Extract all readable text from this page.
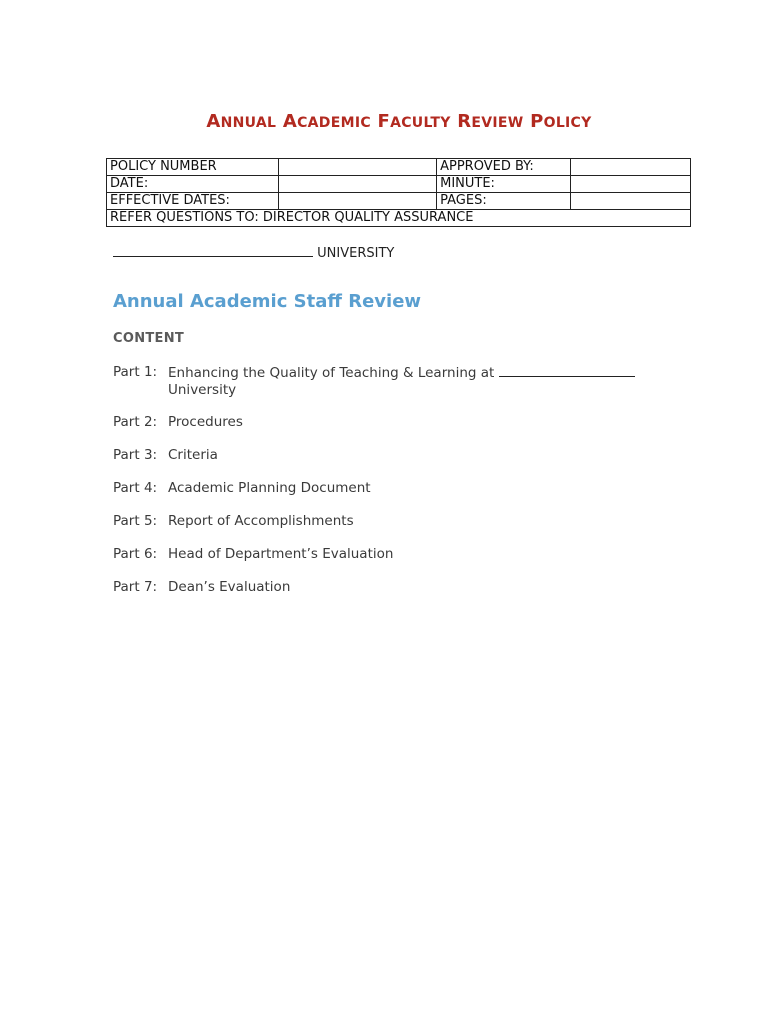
ANNUAL ACADEMIC FACULTY REVIEW POLICY
POLICY NUMBER		APPROVED BY:	
DATE:		MINUTE:	
EFFECTIVE DATES:		PAGES:	
REFER QUESTIONS TO: DIRECTOR QUALITY ASSURANCE			
UNIVERSITY
Annual Academic Staff Review
CONTENT
Part 1: Enhancing the Quality of Teaching & Learning at
University
Part 2: Procedures
Part 3: Criteria
Part 4: Academic Planning Document
Part 5: Report of Accomplishments
Part 6: Head of Department’s Evaluation
Part 7: Dean’s Evaluation
